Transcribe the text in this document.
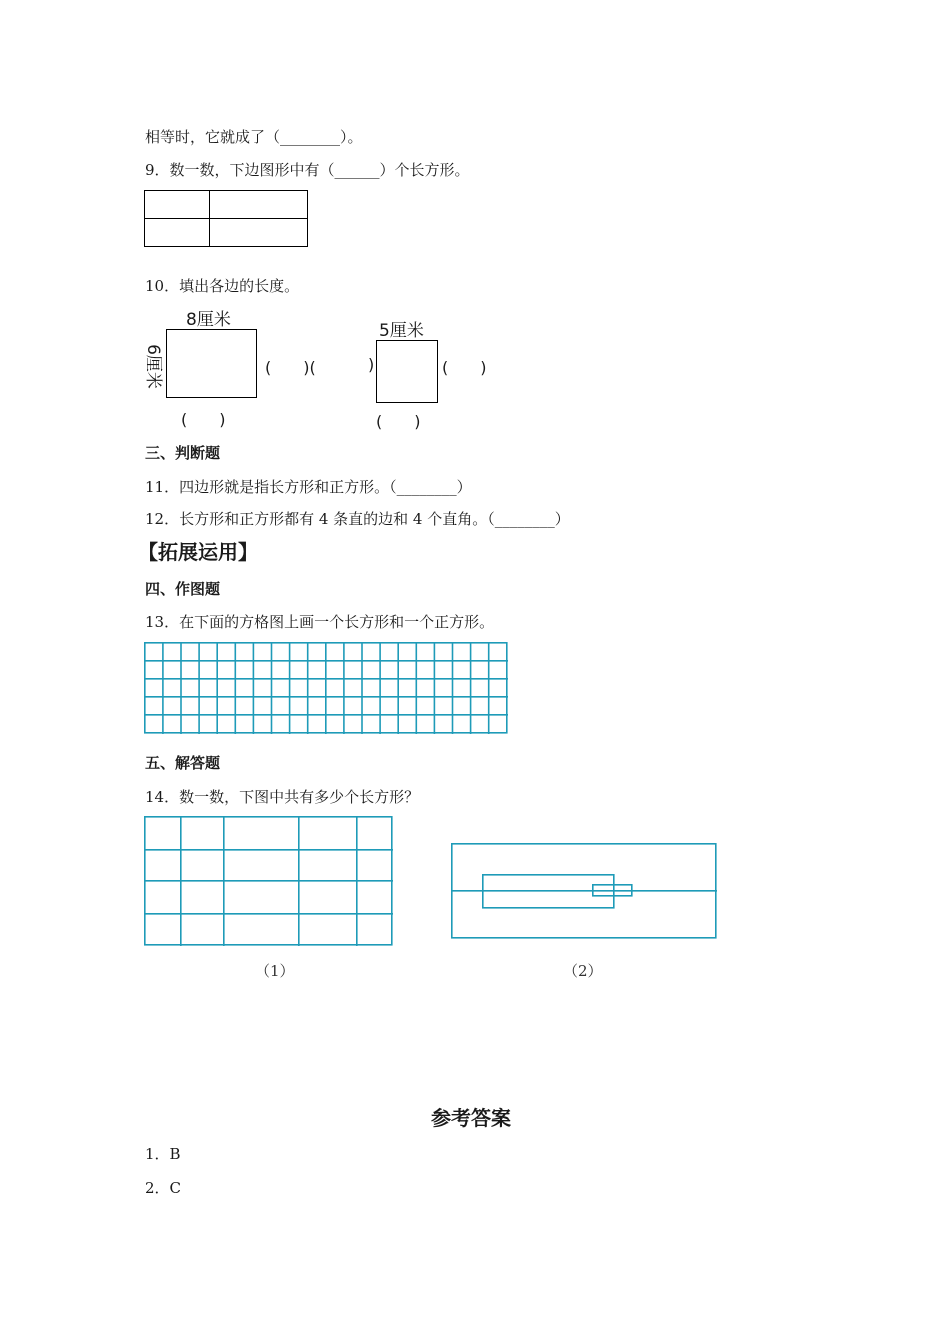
相等时，它就成了（________）。
9．数一数，下边图形中有（______）个长方形。
10．填出各边的长度。
8厘米
6厘米	(　　)(	)
(　　)
5厘米
(　　)
(　　)
三、判断题
11．四边形就是指长方形和正方形。（________）
12．长方形和正方形都有 4 条直的边和 4 个直角。（________）
【拓展运用】
四、作图题
13．在下面的方格图上画一个长方形和一个正方形。
五、解答题
14．数一数，下图中共有多少个长方形？
（1）	（2）
参考答案
1．B
2．C
